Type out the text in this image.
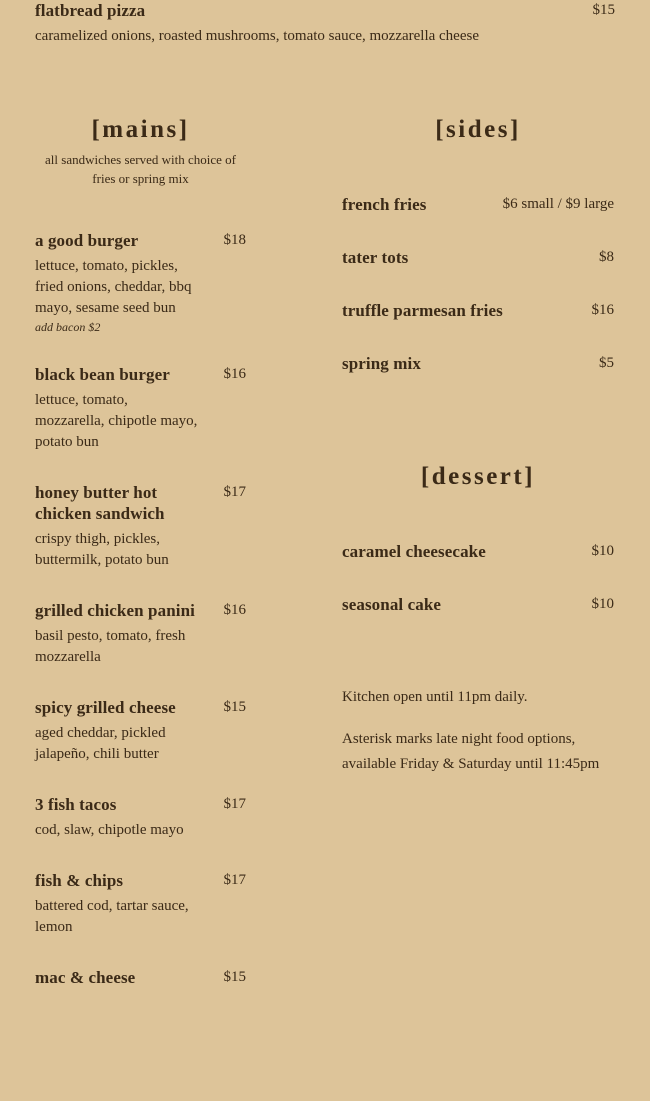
flatbread pizza	$15

caramelized onions, roasted mushrooms, tomato sauce, mozzarella cheese

[mains]

all sandwiches served with choice of fries or spring mix

a good burger	$18

lettuce, tomato, pickles, fried onions, cheddar, bbq mayo, sesame seed bun

add bacon $2

black bean burger	$16

lettuce, tomato, mozzarella, chipotle mayo, potato bun

honey butter hot chicken sandwich

$17

crispy thigh, pickles, buttermilk, potato bun

grilled chicken panini	$16

basil pesto, tomato, fresh mozzarella

spicy grilled cheese	$15

aged cheddar, pickled jalapeño, chili butter

3 fish tacos	$17

cod, slaw, chipotle mayo

fish & chips	$17

battered cod, tartar sauce, lemon

mac & cheese	$15
[sides]

french fries	$6 small / $9 large

tater tots	$8

truffle parmesan fries	$16

spring mix	$5
[dessert]

caramel cheesecake	$10

seasonal cake	$10

Kitchen open until 11pm daily.

Asterisk marks late night food options, available Friday & Saturday until 11:45pm
